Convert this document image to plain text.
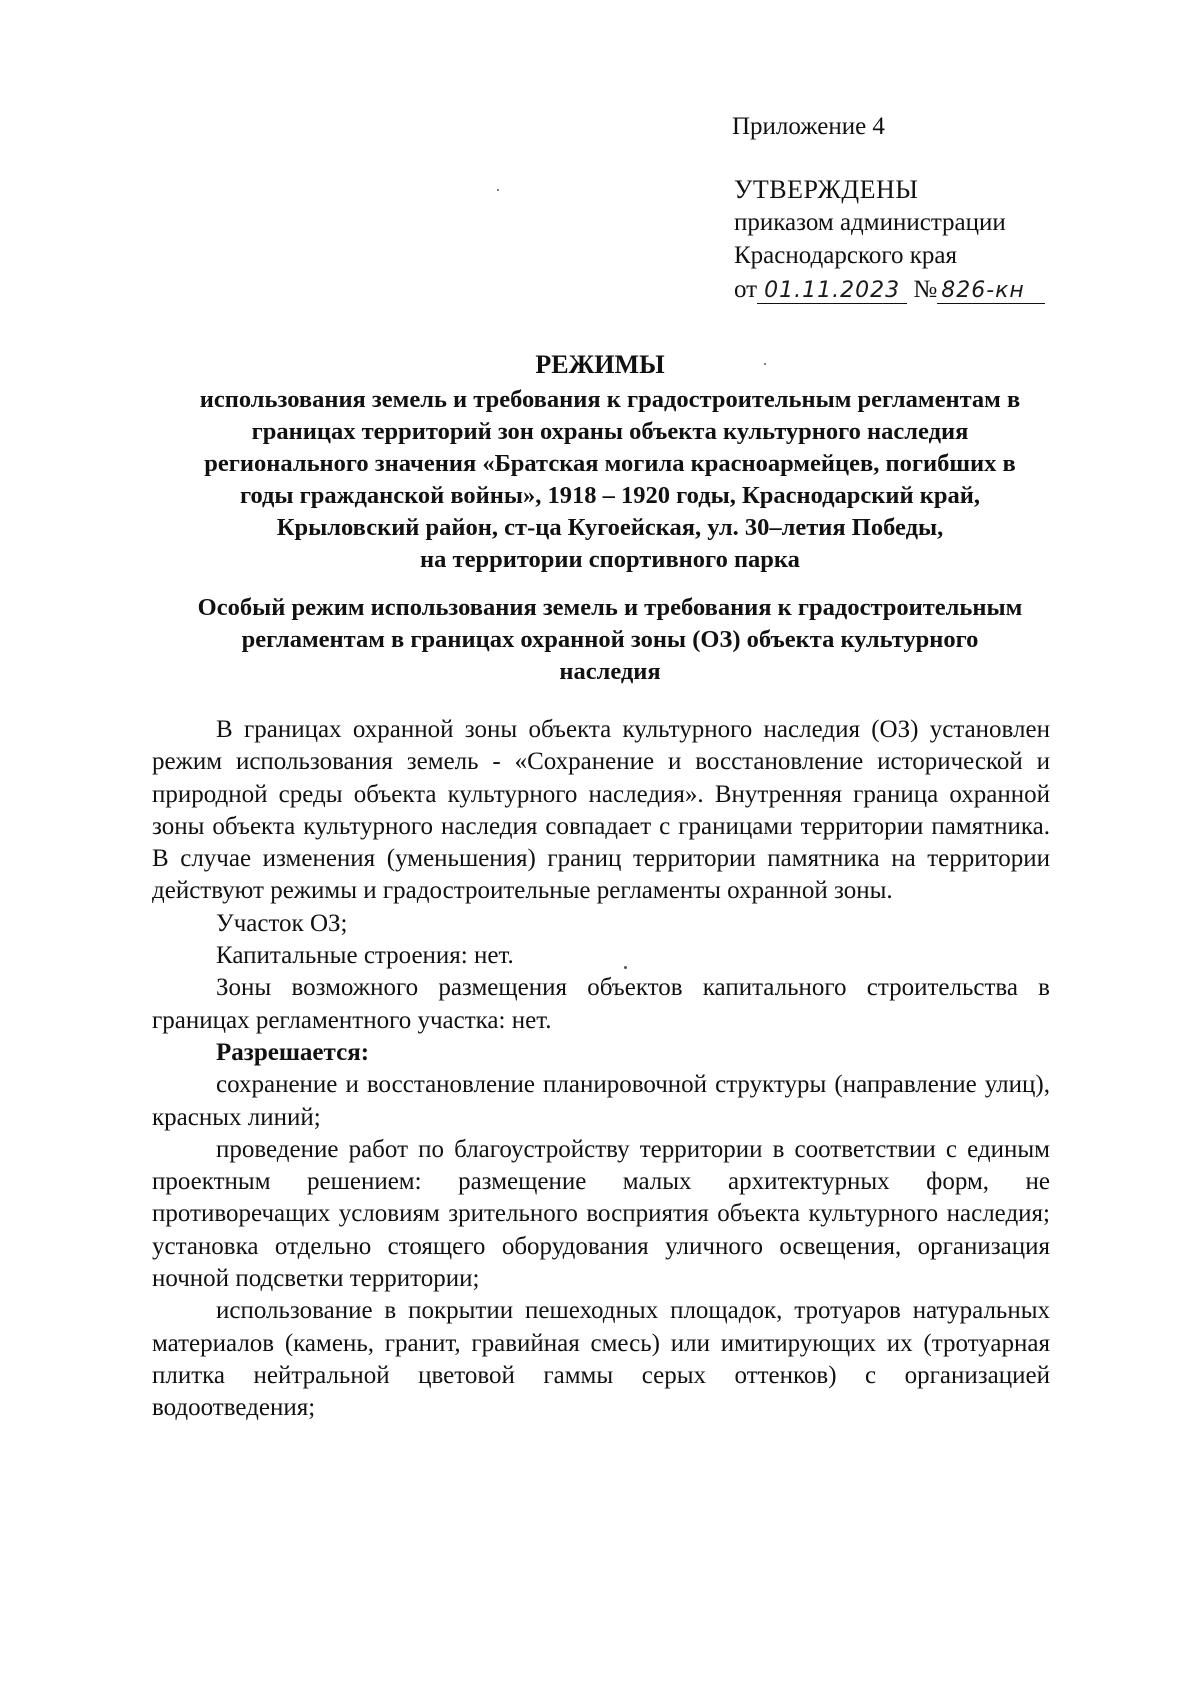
Приложение 4
УТВЕРЖДЕНЫ
приказом администрации
Краснодарского края
от 01.11.2023 № 826-кн
РЕЖИМЫ
использования земель и требования к градостроительным регламентам в
границах территорий зон охраны объекта культурного наследия
регионального значения «Братская могила красноармейцев, погибших в
годы гражданской войны», 1918 – 1920 годы, Краснодарский край,
Крыловский район, ст-ца Кугоейская, ул. 30–летия Победы,
на территории спортивного парка
Особый режим использования земель и требования к градостроительным
регламентам в границах охранной зоны (ОЗ) объекта культурного
наследия

В границах охранной зоны объекта культурного наследия (ОЗ) установлен режим использования земель - «Сохранение и восстановление исторической и природной среды объекта культурного наследия». Внутренняя граница охранной зоны объекта культурного наследия совпадает с границами территории памятника. В случае изменения (уменьшения) границ территории памятника на территории действуют режимы и градостроительные регламенты охранной зоны.

Участок ОЗ;

Капитальные строения: нет.

Зоны возможного размещения объектов капитального строительства в границах регламентного участка: нет.

Разрешается:

сохранение и восстановление планировочной структуры (направление улиц), красных линий;

проведение работ по благоустройству территории в соответствии с единым проектным решением: размещение малых архитектурных форм, не противоречащих условиям зрительного восприятия объекта культурного наследия; установка отдельно стоящего оборудования уличного освещения, организация ночной подсветки территории;

использование в покрытии пешеходных площадок, тротуаров натуральных материалов (камень, гранит, гравийная смесь) или имитирующих их (тротуарная плитка нейтральной цветовой гаммы серых оттенков) с организацией водоотведения;
